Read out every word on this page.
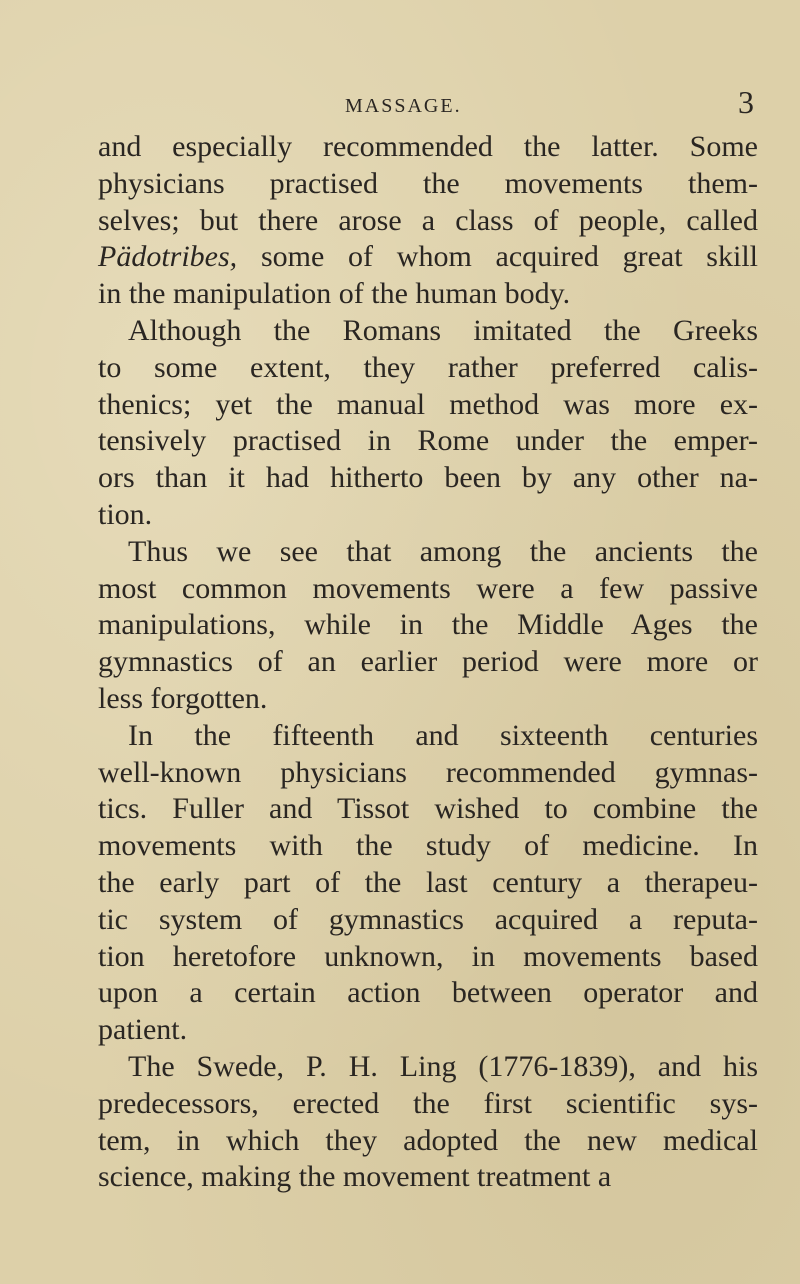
MASSAGE.	3
and especially recommended the latter. Some
physicians practised the movements them-
selves; but there arose a class of people, called
Pädotribes, some of whom acquired great skill
in the manipulation of the human body.
Although the Romans imitated the Greeks
to some extent, they rather preferred calis-
thenics; yet the manual method was more ex-
tensively practised in Rome under the emper-
ors than it had hitherto been by any other na-
tion.
Thus we see that among the ancients the
most common movements were a few passive
manipulations, while in the Middle Ages the
gymnastics of an earlier period were more or
less forgotten.
In the fifteenth and sixteenth centuries
well-known physicians recommended gymnas-
tics. Fuller and Tissot wished to combine the
movements with the study of medicine. In
the early part of the last century a therapeu-
tic system of gymnastics acquired a reputa-
tion heretofore unknown, in movements based
upon a certain action between operator and
patient.
The Swede, P. H. Ling (1776-1839), and his
predecessors, erected the first scientific sys-
tem, in which they adopted the new medical
science, making the movement treatment a
